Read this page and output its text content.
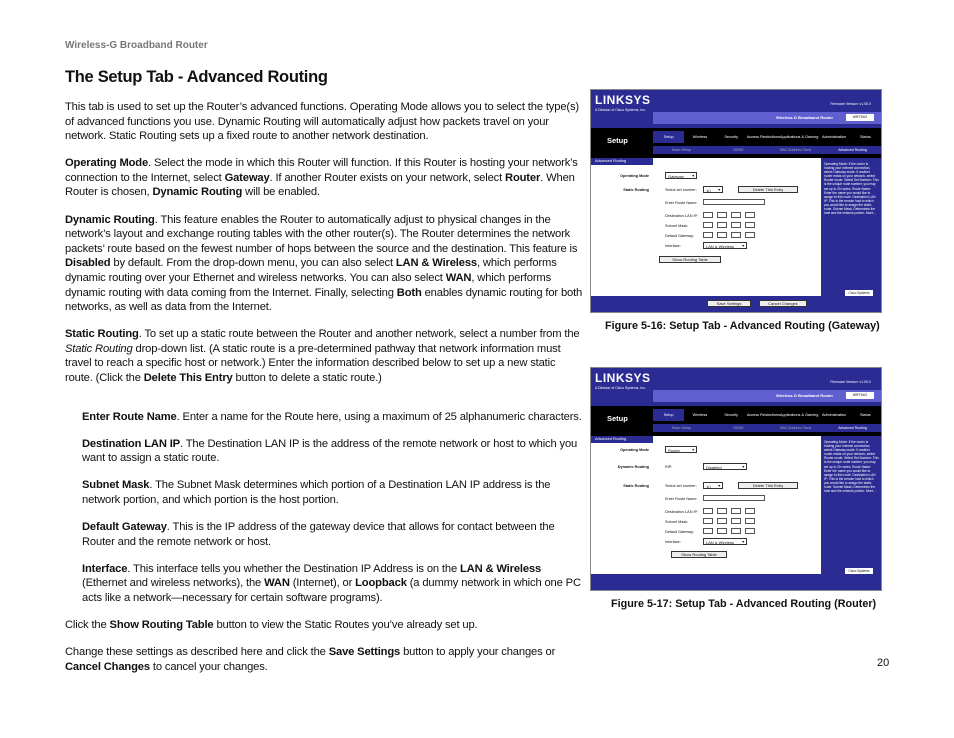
Wireless-G Broadband Router
The Setup Tab - Advanced Routing

This tab is used to set up the Router’s advanced functions. Operating Mode allows you to select the type(s) of advanced functions you use. Dynamic Routing will automatically adjust how packets travel on your network. Static Routing sets up a fixed route to another network destination.

Operating Mode. Select the mode in which this Router will function. If this Router is hosting your network’s connection to the Internet, select Gateway. If another Router exists on your network, select Router. When Router is chosen, Dynamic Routing will be enabled.

Dynamic Routing. This feature enables the Router to automatically adjust to physical changes in the network’s layout and exchange routing tables with the other router(s). The Router determines the network packets’ route based on the fewest number of hops between the source and the destination. This feature is Disabled by default. From the drop-down menu, you can also select LAN & Wireless, which performs dynamic routing over your Ethernet and wireless networks. You can also select WAN, which performs dynamic routing with data coming from the Internet. Finally, selecting Both enables dynamic routing for both networks, as well as data from the Internet.

Static Routing. To set up a static route between the Router and another network, select a number from the Static Routing drop-down list. (A static route is a pre-determined pathway that network information must travel to reach a specific host or network.) Enter the information described below to set up a new static route. (Click the Delete This Entry button to delete a static route.)

Enter Route Name. Enter a name for the Route here, using a maximum of 25 alphanumeric characters.

Destination LAN IP. The Destination LAN IP is the address of the remote network or host to which you want to assign a static route.

Subnet Mask. The Subnet Mask determines which portion of a Destination LAN IP address is the network portion, and which portion is the host portion.

Default Gateway. This is the IP address of the gateway device that allows for contact between the Router and the remote network or host.

Interface. This interface tells you whether the Destination IP Address is on the LAN & Wireless (Ethernet and wireless networks), the WAN (Internet), or Loopback (a dummy network in which one PC acts like a network—necessary for certain software programs).

Click the Show Routing Table button to view the Static Routes you’ve already set up.

Change these settings as described here and click the Save Settings button to apply your changes or Cancel Changes to cancel your changes.

LINKSYS
A Division of Cisco Systems, Inc.
Firmware Version: v1.00.0
Wireless-G Broadband Router	WRT54G
Setup	Setup	Wireless	Security	Access Restrictions Applications & Gaming Administration	Status
Basic Setup	DDNS	MAC Address Clone	Advanced Routing
Advanced Routing
Operating Mode: If the router is hosting your Internet connection, select Gateway mode. If another router exists on your network, select Router mode. Select Set Number: This is the unique route number, you may set up to 20 routes. Route Name: Enter the name you would like to assign to this route. Destination LAN IP: This is the remote host to which you would like to assign the static route. Subnet Mask: Determines the host and the network portion. More...
Operating Mode	Gateway ▼
Static Routing	Select set number:	1() ▼	Delete This Entry
Enter Route Name:
Destination LAN IP:
Subnet Mask:
Default Gateway:
Interface:	LAN & Wireless ▼
Show Routing Table
Save Settings	Cancel Changes
Cisco Systems
Figure 5-16: Setup Tab - Advanced Routing (Gateway)
LINKSYS
A Division of Cisco Systems, Inc.
Firmware Version: v1.00.0
Wireless-G Broadband Router	WRT54G
Setup	Setup	Wireless	Security	Access Restrictions Applications & Gaming Administration	Status
Basic Setup	DDNS	MAC Address Clone	Advanced Routing
Advanced Routing
Operating Mode: If the router is hosting your Internet connection, select Gateway mode. If another router exists on your network, select Router mode. Select Set Number: This is the unique route number, you may set up to 20 routes. Route Name: Enter the name you would like to assign to this route. Destination LAN IP: This is the remote host to which you would like to assign the static route. Subnet Mask: Determines the host and the network portion. More...
Operating Mode	Router ▼
Dynamic Routing	RIP:	Disabled ▼
Static Routing	Select set number:	1() ▼	Delete This Entry
Enter Route Name:
Destination LAN IP:
Subnet Mask:
Default Gateway:
Interface:	LAN & Wireless ▼
Show Routing Table
Cisco Systems
Figure 5-17: Setup Tab - Advanced Routing (Router)
20
